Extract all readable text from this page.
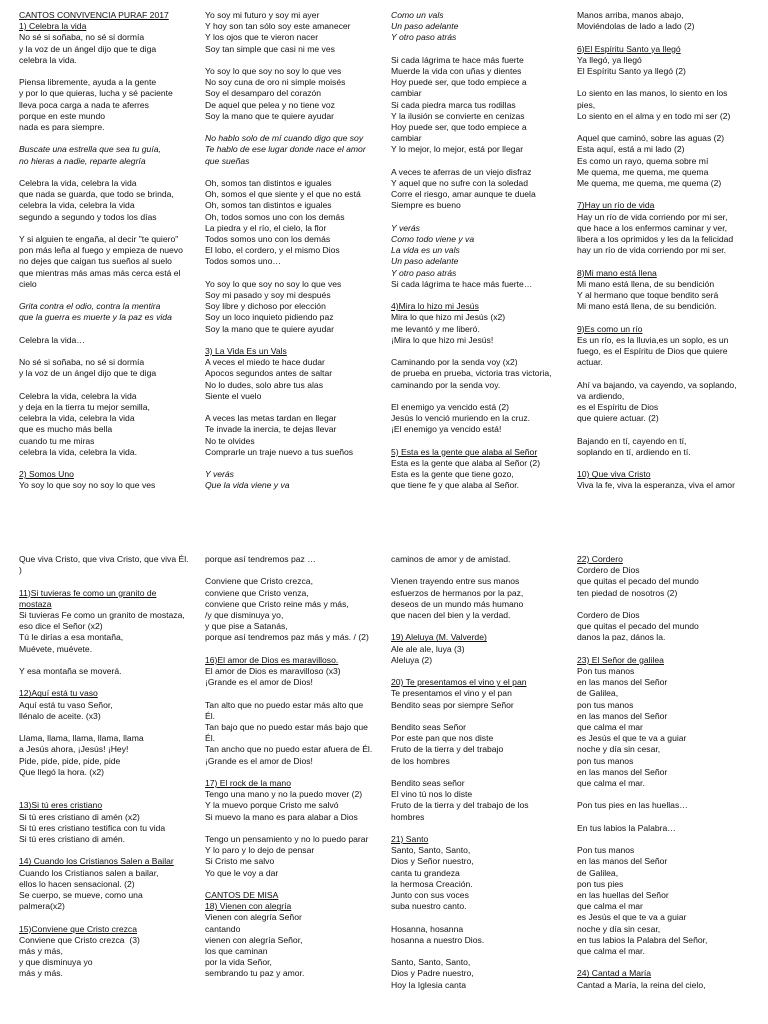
CANTOS CONVIVENCIA PURAF 2017
1) Celebra la vida
No sé si soñaba, no sé si dormía
y la voz de un ángel dijo que te diga
celebra la vida.
Piensa libremente, ayuda a la gente
y por lo que quieras, lucha y sé paciente
lleva poca carga a nada te aferres
porque en este mundo
nada es para siempre.
Buscate una estrella que sea tu guía,
no hieras a nadie, reparte alegría
Celebra la vida, celebra la vida
que nada se guarda, que todo se brinda,
celebra la vida, celebra la vida
segundo a segundo y todos los días
Y si alguien te engaña, al decir "te quiero"
pon más leña al fuego y empieza de nuevo
no dejes que caigan tus sueños al suelo
que mientras más amas más cerca está el
cielo
Grita contra el odio, contra la mentira
que la guerra es muerte y la paz es vida
Celebra la vida…
No sé si soñaba, no sé si dormía
y la voz de un ángel dijo que te diga
Celebra la vida, celebra la vida
y deja en la tierra tu mejor semilla,
celebra la vida, celebra la vida
que es mucho más bella
cuando tu me miras
celebra la vida, celebra la vida.
2) Somos Uno
Yo soy lo que soy no soy lo que ves
Yo soy mi futuro y soy mi ayer
Y hoy son tan sólo soy este amanecer
Y los ojos que te vieron nacer
Soy tan simple que casi ni me ves
Yo soy lo que soy no soy lo que ves
No soy cuna de oro ni simple moisés
Soy el desamparo del corazón
De aquel que pelea y no tiene voz
Soy la mano que te quiere ayudar
No hablo solo de mí cuando digo que soy
Te hablo de ese lugar donde nace el amor
que sueñas
Oh, somos tan distintos e iguales
Oh, somos el que siente y el que no está
Oh, somos tan distintos e iguales
Oh, todos somos uno con los demás
La piedra y el río, el cielo, la flor
Todos somos uno con los demás
El lobo, el cordero, y el mismo Dios
Todos somos uno…
Yo soy lo que soy no soy lo que ves
Soy mi pasado y soy mi después
Soy libre y dichoso por elección
Soy un loco inquieto pidiendo paz
Soy la mano que te quiere ayudar
3) La Vida Es un Vals
A veces el miedo te hace dudar
Apocos segundos antes de saltar
No lo dudes, solo abre tus alas
Siente el vuelo
A veces las metas tardan en llegar
Te invade la inercia, te dejas llevar
No te olvides
Comprarle un traje nuevo a tus sueños
Y verás
Que la vida viene y va
Como un vals
Un paso adelante
Y otro paso atrás
Si cada lágrima te hace más fuerte
Muerde la vida con uñas y dientes
Hoy puede ser, que todo empiece a
cambiar
Si cada piedra marca tus rodillas
Y la ilusión se convierte en cenizas
Hoy puede ser, que todo empiece a
cambiar
Y lo mejor, lo mejor, está por llegar
A veces te aferras de un viejo disfraz
Y aquel que no sufre con la soledad
Corre el riesgo, amar aunque te duela
Siempre es bueno
Y verás
Como todo viene y va
La vida es un vals
Un paso adelante
Y otro paso atrás
Si cada lágrima te hace más fuerte…
4)Mira lo hizo mi Jesús
Mira lo que hizo mi Jesús (x2)
me levantó y me liberó.
¡Mira lo que hizo mi Jesús!
Caminando por la senda voy (x2)
de prueba en prueba, victoria tras victoria,
caminando por la senda voy.
El enemigo ya vencido está (2)
Jesús lo venció muriendo en la cruz.
¡El enemigo ya vencido está!
5) Esta es la gente que alaba al Señor
Esta es la gente que alaba al Señor (2)
Esta es la gente que tiene gozo,
que tiene fe y que alaba al Señor.
Manos arriba, manos abajo,
Moviéndolas de lado a lado (2)
6)El Espíritu Santo ya llegó
Ya llegó, ya llegó
El Espíritu Santo ya llegó (2)
Lo siento en las manos, lo siento en los
pies,
Lo siento en el alma y en todo mi ser (2)
Aquel que caminó, sobre las aguas (2)
Esta aquí, está a mi lado (2)
Es como un rayo, quema sobre mí
Me quema, me quema, me quema
Me quema, me quema, me quema (2)
7)Hay un río de vida
Hay un río de vida corriendo por mi ser,
que hace a los enfermos caminar y ver,
libera a los oprimidos y les da la felicidad
hay un río de vida corriendo por mi ser.
8)Mi mano está llena
Mi mano está llena, de su bendición
Y al hermano que toque bendito será
Mi mano está llena, de su bendición.
9)Es como un río
Es un río, es la lluvia,es un soplo, es un
fuego, es el Espíritu de Dios que quiere
actuar.
Ahí va bajando, va cayendo, va soplando,
va ardiendo,
es el Espíritu de Dios
que quiere actuar. (2)
Bajando en tí, cayendo en tí,
soplando en tí, ardiendo en tí.
10) Que viva Cristo
Viva la fe, viva la esperanza, viva el amor
Que viva Cristo, que viva Cristo, que viva Él.
)
11)Si tuvieras fe como un granito de
mostaza
Si tuvieras Fe como un granito de mostaza,
eso dice el Señor (x2)
Tú le dirías a esa montaña,
Muévete, muévete.
Y esa montaña se moverá.
12)Aquí está tu vaso
Aquí está tu vaso Señor,
llénalo de aceite. (x3)
Llama, llama, llama, llama, llama
a Jesús ahora, ¡Jesús! ¡Hey!
Pide, pide, pide, pide, pide
Que llegó la hora. (x2)
13)Si tú eres cristiano
Si tú eres cristiano di amén (x2)
Si tú eres cristiano testifica con tu vida
Si tú eres cristiano di amén.
14) Cuando los Cristianos Salen a Bailar
Cuando los Cristianos salen a bailar,
ellos lo hacen sensacional. (2)
Se cuerpo, se mueve, como una
palmera(x2)
15)Conviene que Cristo crezca
Conviene que Cristo crezca  (3)
más y más,
y que disminuya yo
más y más.
porque así tendremos paz …
Conviene que Cristo crezca,
conviene que Cristo venza,
conviene que Cristo reine más y más,
/y que disminuya yo,
y que pise a Satanás,
porque así tendremos paz más y más. / (2)
16)El amor de Dios es maravilloso.
El amor de Dios es maravilloso (x3)
¡Grande es el amor de Dios!
Tan alto que no puedo estar más alto que
Él.
Tan bajo que no puedo estar más bajo que
Él.
Tan ancho que no puedo estar afuera de Él.
¡Grande es el amor de Dios!
17) El rock de la mano
Tengo una mano y no la puedo mover (2)
Y la muevo porque Cristo me salvó
Si muevo la mano es para alabar a Dios
Tengo un pensamiento y no lo puedo parar
Y lo paro y lo dejo de pensar
Si Cristo me salvo
Yo que le voy a dar
CANTOS DE MISA
18) Vienen con alegría
Vienen con alegría Señor
cantando
vienen con alegría Señor,
los que caminan
por la vida Señor,
sembrando tu paz y amor.
caminos de amor y de amistad.
Vienen trayendo entre sus manos
esfuerzos de hermanos por la paz,
deseos de un mundo más humano
que nacen del bien y la verdad.
19) Aleluya (M. Valverde)
Ale ale ale, luya (3)
Aleluya (2)
20) Te presentamos el vino y el pan
Te presentamos el vino y el pan
Bendito seas por siempre Señor
Bendito seas Señor
Por este pan que nos diste
Fruto de la tierra y del trabajo
de los hombres
Bendito seas señor
El vino tú nos lo diste
Fruto de la tierra y del trabajo de los
hombres
21) Santo
Santo, Santo, Santo,
Dios y Señor nuestro,
canta tu grandeza
la hermosa Creación.
Junto con sus voces
suba nuestro canto.
Hosanna, hosanna
hosanna a nuestro Dios.
Santo, Santo, Santo,
Dios y Padre nuestro,
Hoy la Iglesia canta
22) Cordero
Cordero de Dios
que quitas el pecado del mundo
ten piedad de nosotros (2)
Cordero de Dios
que quitas el pecado del mundo
danos la paz, dános la.
23) El Señor de galilea
Pon tus manos
en las manos del Señor
de Galilea,
pon tus manos
en las manos del Señor
que calma el mar
es Jesús el que te va a guiar
noche y día sin cesar,
pon tus manos
en las manos del Señor
que calma el mar.
Pon tus pies en las huellas…
En tus labios la Palabra…
Pon tus manos
en las manos del Señor
de Galilea,
pon tus pies
en las huellas del Señor
que calma el mar
es Jesús el que te va a guiar
noche y día sin cesar,
en tus labios la Palabra del Señor,
que calma el mar.
24) Cantad a María
Cantad a María, la reina del cielo,
